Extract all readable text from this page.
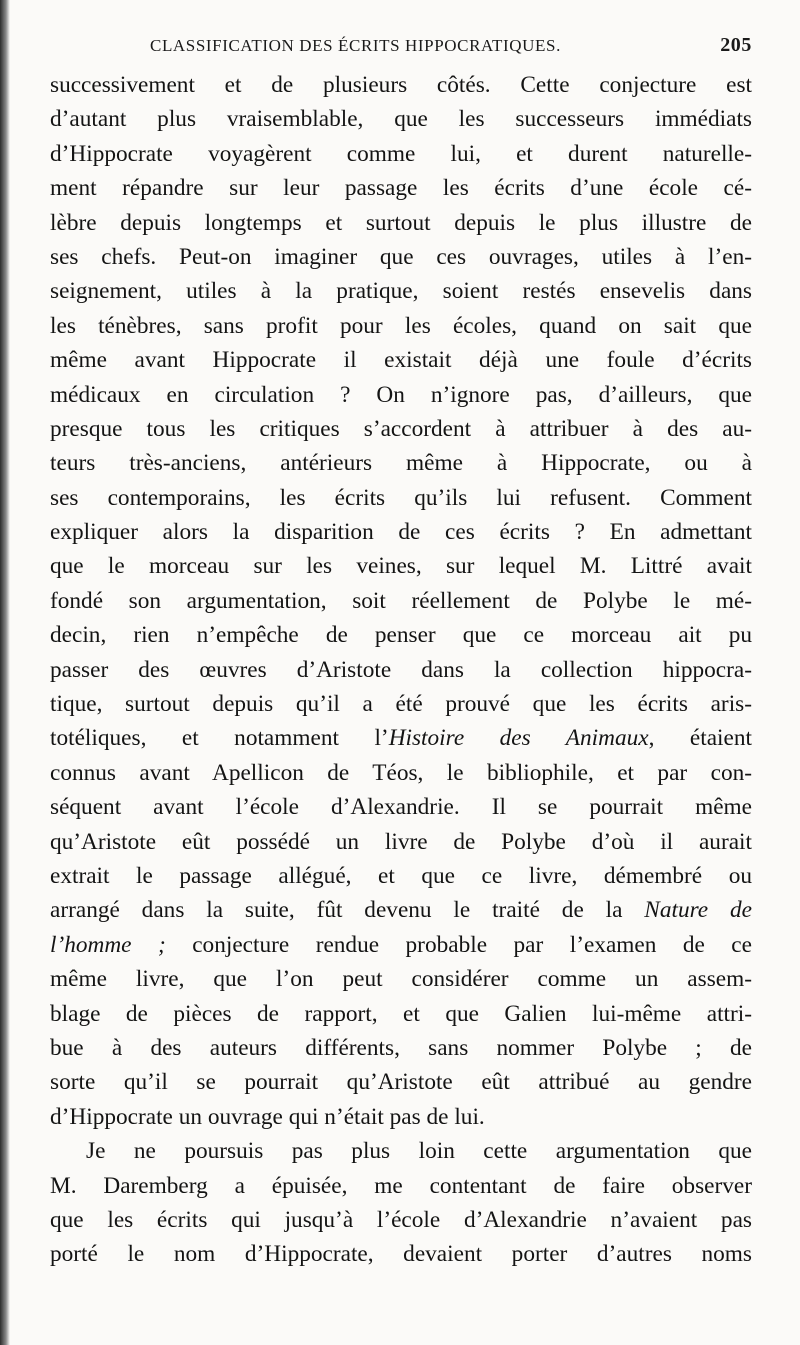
CLASSIFICATION DES ÉCRITS HIPPOCRATIQUES.	205
successivement et de plusieurs côtés. Cette conjecture est
d’autant plus vraisemblable, que les successeurs immédiats
d’Hippocrate voyagèrent comme lui, et durent naturelle-
ment répandre sur leur passage les écrits d’une école cé-
lèbre depuis longtemps et surtout depuis le plus illustre de
ses chefs. Peut-on imaginer que ces ouvrages, utiles à l’en-
seignement, utiles à la pratique, soient restés ensevelis dans
les ténèbres, sans profit pour les écoles, quand on sait que
même avant Hippocrate il existait déjà une foule d’écrits
médicaux en circulation ? On n’ignore pas, d’ailleurs, que
presque tous les critiques s’accordent à attribuer à des au-
teurs très-anciens, antérieurs même à Hippocrate, ou à
ses contemporains, les écrits qu’ils lui refusent. Comment
expliquer alors la disparition de ces écrits ? En admettant
que le morceau sur les veines, sur lequel M. Littré avait
fondé son argumentation, soit réellement de Polybe le mé-
decin, rien n’empêche de penser que ce morceau ait pu
passer des œuvres d’Aristote dans la collection hippocra-
tique, surtout depuis qu’il a été prouvé que les écrits aris-
totéliques, et notamment l’Histoire des Animaux, étaient
connus avant Apellicon de Téos, le bibliophile, et par con-
séquent avant l’école d’Alexandrie. Il se pourrait même
qu’Aristote eût possédé un livre de Polybe d’où il aurait
extrait le passage allégué, et que ce livre, démembré ou
arrangé dans la suite, fût devenu le traité de la Nature de
l’homme ; conjecture rendue probable par l’examen de ce
même livre, que l’on peut considérer comme un assem-
blage de pièces de rapport, et que Galien lui-même attri-
bue à des auteurs différents, sans nommer Polybe ; de
sorte qu’il se pourrait qu’Aristote eût attribué au gendre
d’Hippocrate un ouvrage qui n’était pas de lui.
Je ne poursuis pas plus loin cette argumentation que
M. Daremberg a épuisée, me contentant de faire observer
que les écrits qui jusqu’à l’école d’Alexandrie n’avaient pas
porté le nom d’Hippocrate, devaient porter d’autres noms
